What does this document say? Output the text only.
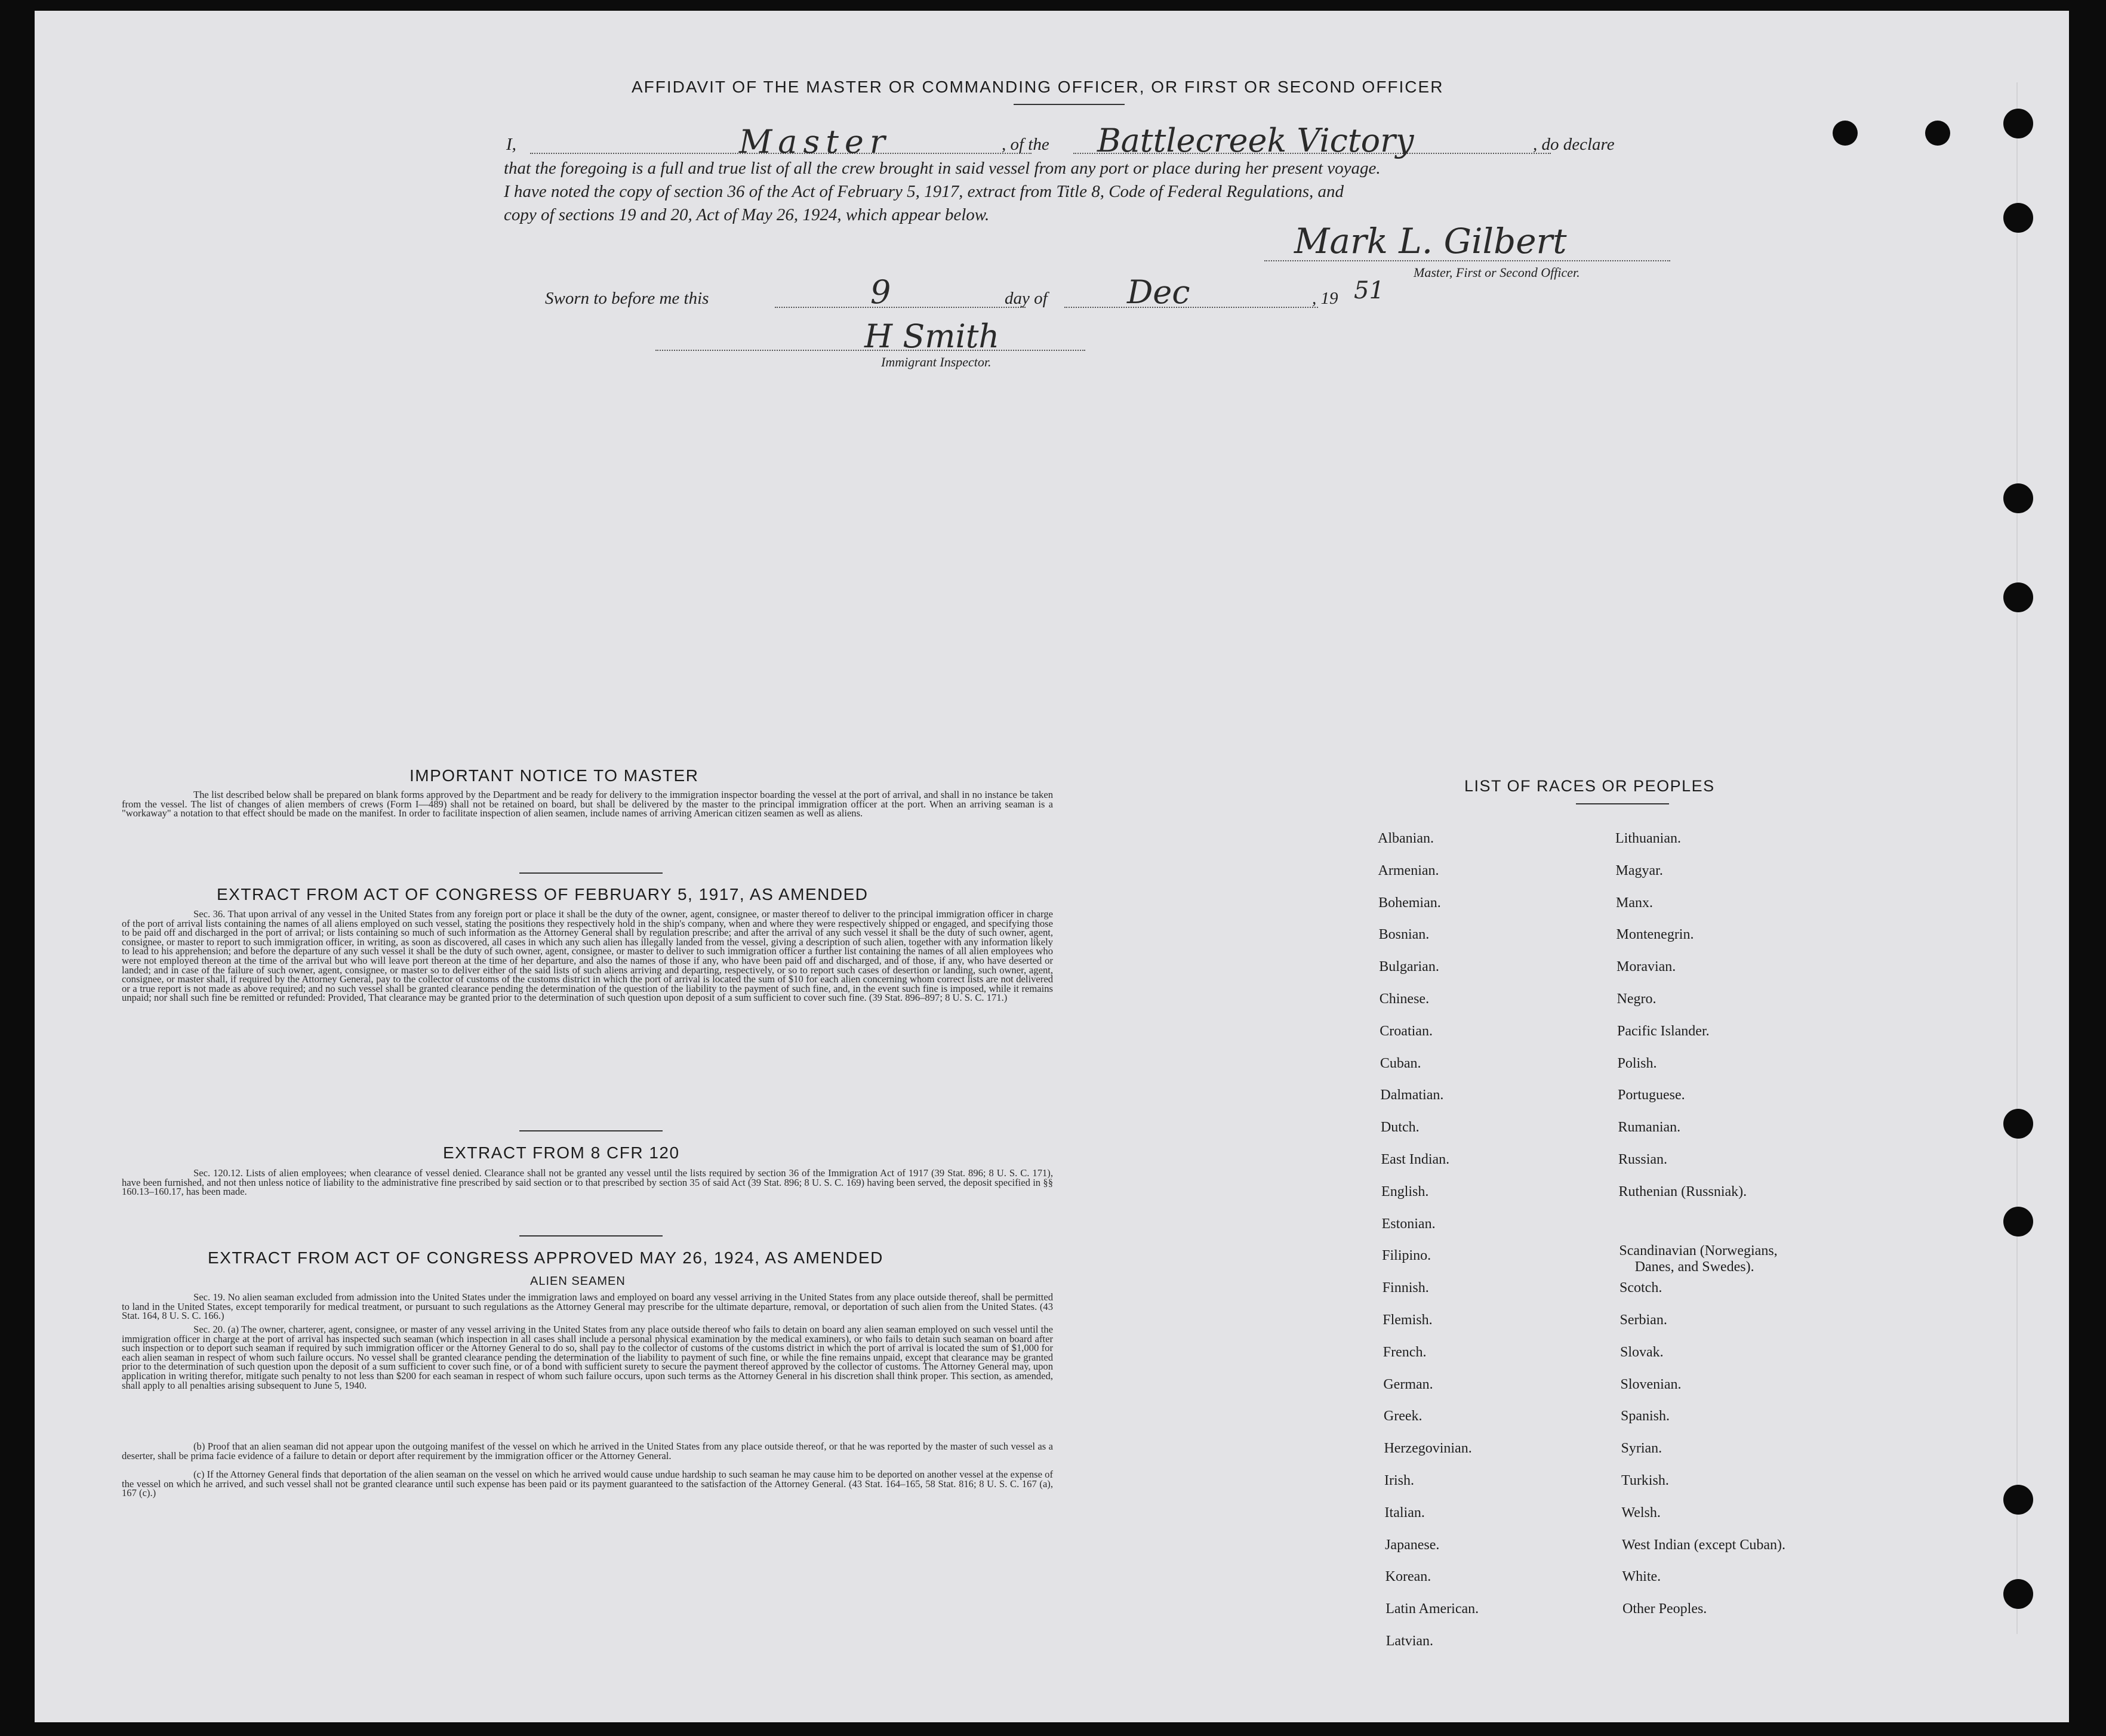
AFFIDAVIT OF THE MASTER OR COMMANDING OFFICER, OR FIRST OR SECOND OFFICER
I,	Master	, of the Battlecreek Victory	, do declare
that the foregoing is a full and true list of all the crew brought in said vessel from any port or place during her present voyage.
I have noted the copy of section 36 of the Act of February 5, 1917, extract from Title 8, Code of Federal Regulations, and
copy of sections 19 and 20, Act of May 26, 1924, which appear below.
Mark L. Gilbert
Master, First or Second Officer.
Sworn to before me this	9	day of Dec	, 19 51
H Smith
Immigrant Inspector.
IMPORTANT NOTICE TO MASTER

The list described below shall be prepared on blank forms approved by the Department and be ready for delivery to the immigration inspector boarding the vessel at the port of arrival, and shall in no instance be taken from the vessel. The list of changes of alien members of crews (Form I—489) shall not be retained on board, but shall be delivered by the master to the principal immigration officer at the port. When an arriving seaman is a "workaway" a notation to that effect should be made on the manifest. In order to facilitate inspection of alien seamen, include names of arriving American citizen seamen as well as aliens.

EXTRACT FROM ACT OF CONGRESS OF FEBRUARY 5, 1917, AS AMENDED

Sec. 36. That upon arrival of any vessel in the United States from any foreign port or place it shall be the duty of the owner, agent, consignee, or master thereof to deliver to the principal immigration officer in charge of the port of arrival lists containing the names of all aliens employed on such vessel, stating the positions they respectively hold in the ship's company, when and where they were respectively shipped or engaged, and specifying those to be paid off and discharged in the port of arrival; or lists containing so much of such information as the Attorney General shall by regulation prescribe; and after the arrival of any such vessel it shall be the duty of such owner, agent, consignee, or master to report to such immigration officer, in writing, as soon as discovered, all cases in which any such alien has illegally landed from the vessel, giving a description of such alien, together with any information likely to lead to his apprehension; and before the departure of any such vessel it shall be the duty of such owner, agent, consignee, or master to deliver to such immigration officer a further list containing the names of all alien employees who were not employed thereon at the time of the arrival but who will leave port thereon at the time of her departure, and also the names of those if any, who have been paid off and discharged, and of those, if any, who have deserted or landed; and in case of the failure of such owner, agent, consignee, or master so to deliver either of the said lists of such aliens arriving and departing, respectively, or so to report such cases of desertion or landing, such owner, agent, consignee, or master shall, if required by the Attorney General, pay to the collector of customs of the customs district in which the port of arrival is located the sum of $10 for each alien concerning whom correct lists are not delivered or a true report is not made as above required; and no such vessel shall be granted clearance pending the determination of the question of the liability to the payment of such fine, and, in the event such fine is imposed, while it remains unpaid; nor shall such fine be remitted or refunded: Provided, That clearance may be granted prior to the determination of such question upon deposit of a sum sufficient to cover such fine. (39 Stat. 896–897; 8 U. S. C. 171.)

EXTRACT FROM 8 CFR 120

Sec. 120.12. Lists of alien employees; when clearance of vessel denied. Clearance shall not be granted any vessel until the lists required by section 36 of the Immigration Act of 1917 (39 Stat. 896; 8 U. S. C. 171), have been furnished, and not then unless notice of liability to the administrative fine prescribed by said section or to that prescribed by section 35 of said Act (39 Stat. 896; 8 U. S. C. 169) having been served, the deposit specified in §§ 160.13–160.17, has been made.

EXTRACT FROM ACT OF CONGRESS APPROVED MAY 26, 1924, AS AMENDED
ALIEN SEAMEN

Sec. 19. No alien seaman excluded from admission into the United States under the immigration laws and employed on board any vessel arriving in the United States from any place outside thereof, shall be permitted to land in the United States, except temporarily for medical treatment, or pursuant to such regulations as the Attorney General may prescribe for the ultimate departure, removal, or deportation of such alien from the United States. (43 Stat. 164, 8 U. S. C. 166.)

Sec. 20. (a) The owner, charterer, agent, consignee, or master of any vessel arriving in the United States from any place outside thereof who fails to detain on board any alien seaman employed on such vessel until the immigration officer in charge at the port of arrival has inspected such seaman (which inspection in all cases shall include a personal physical examination by the medical examiners), or who fails to detain such seaman on board after such inspection or to deport such seaman if required by such immigration officer or the Attorney General to do so, shall pay to the collector of customs of the customs district in which the port of arrival is located the sum of $1,000 for each alien seaman in respect of whom such failure occurs. No vessel shall be granted clearance pending the determination of the liability to payment of such fine, or while the fine remains unpaid, except that clearance may be granted prior to the determination of such question upon the deposit of a sum sufficient to cover such fine, or of a bond with sufficient surety to secure the payment thereof approved by the collector of customs. The Attorney General may, upon application in writing therefor, mitigate such penalty to not less than $200 for each seaman in respect of whom such failure occurs, upon such terms as the Attorney General in his discretion shall think proper. This section, as amended, shall apply to all penalties arising subsequent to June 5, 1940.

(b) Proof that an alien seaman did not appear upon the outgoing manifest of the vessel on which he arrived in the United States from any place outside thereof, or that he was reported by the master of such vessel as a deserter, shall be prima facie evidence of a failure to detain or deport after requirement by the immigration officer or the Attorney General.

(c) If the Attorney General finds that deportation of the alien seaman on the vessel on which he arrived would cause undue hardship to such seaman he may cause him to be deported on another vessel at the expense of the vessel on which he arrived, and such vessel shall not be granted clearance until such expense has been paid or its payment guaranteed to the satisfaction of the Attorney General. (43 Stat. 164–165, 58 Stat. 816; 8 U. S. C. 167 (a), 167 (c).)

LIST OF RACES OR PEOPLES
Albanian.
Armenian.
Bohemian.
Bosnian.
Bulgarian.
Chinese.
Croatian.
Cuban.
Dalmatian.
Dutch.
East Indian.
English.
Estonian.
Filipino.
Finnish.
Flemish.
French.
German.
Greek.
Herzegovinian.
Irish.
Italian.
Japanese.
Korean.
Latin American.
Latvian.
Lithuanian.
Magyar.
Manx.
Montenegrin.
Moravian.
Negro.
Pacific Islander.
Polish.
Portuguese.
Rumanian.
Russian.
Ruthenian (Russniak).
Scandinavian (Norwegians,
Danes, and Swedes).
Scotch.
Serbian.
Slovak.
Slovenian.
Spanish.
Syrian.
Turkish.
Welsh.
West Indian (except Cuban).
White.
Other Peoples.
